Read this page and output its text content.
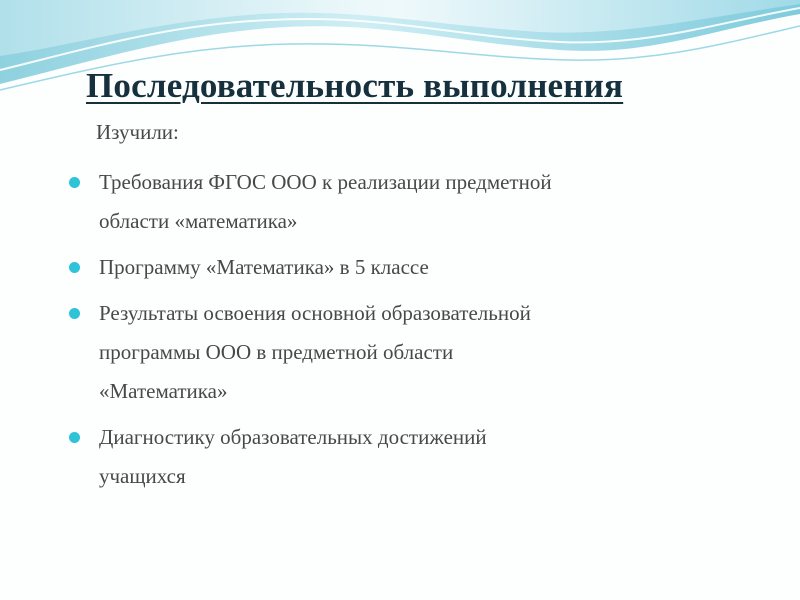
Последовательность выполнения
Изучили:
Требования ФГОС ООО к реализации предметной
области «математика»
Программу «Математика» в 5 классе
Результаты освоения основной образовательной
программы ООО в предметной области
«Математика»
Диагностику образовательных достижений
учащихся
